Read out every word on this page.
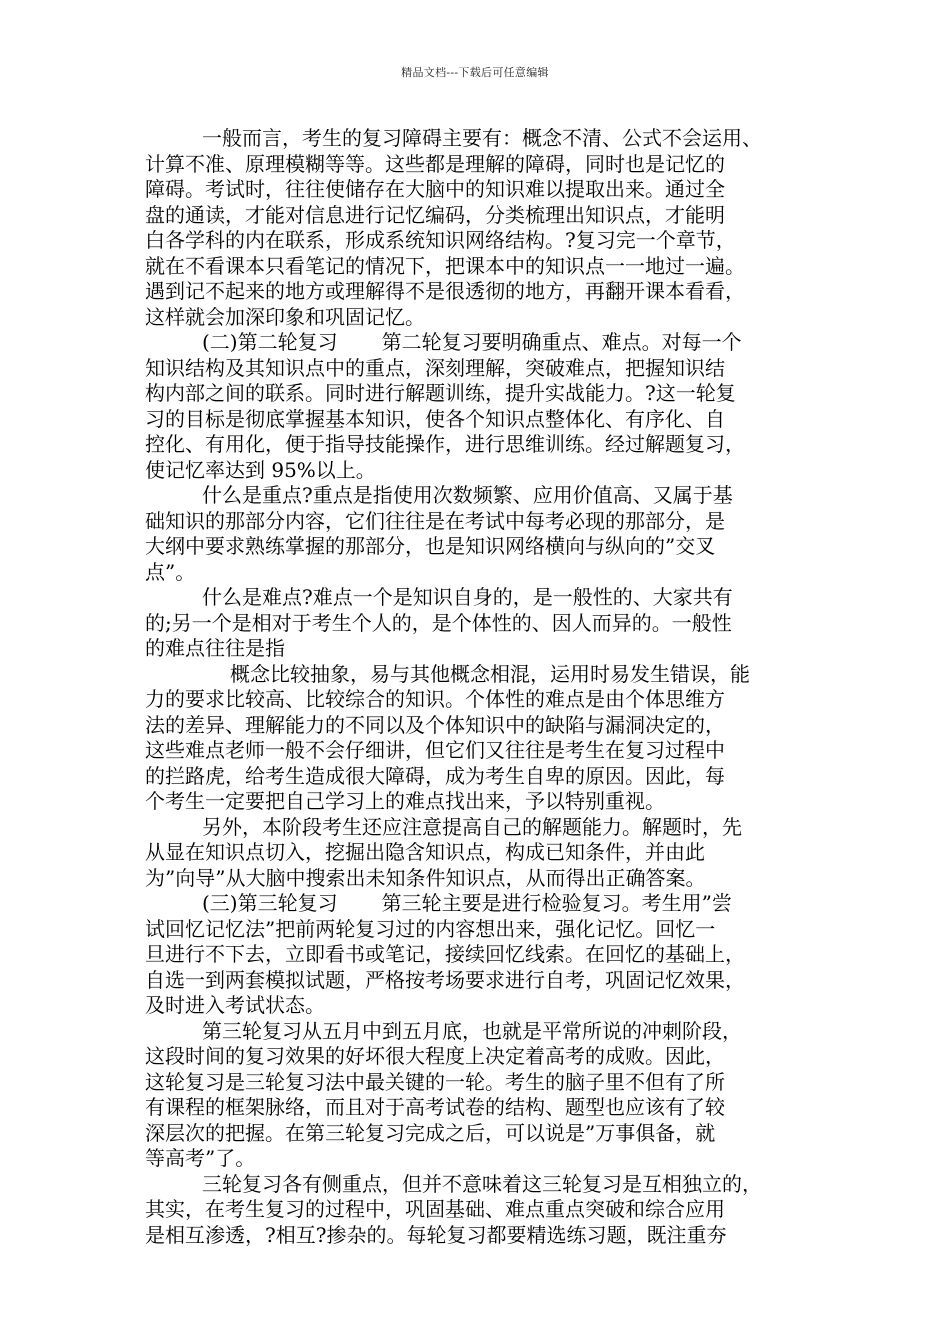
精品文档---下载后可任意编辑
一般而言，考生的复习障碍主要有：概念不清、公式不会运用、
计算不准、原理模糊等等。这些都是理解的障碍，同时也是记忆的
障碍。考试时，往往使储存在大脑中的知识难以提取出来。通过全
盘的通读，才能对信息进行记忆编码，分类梳理出知识点，才能明
白各学科的内在联系，形成系统知识网络结构。?复习完一个章节，
就在不看课本只看笔记的情况下，把课本中的知识点一一地过一遍。
遇到记不起来的地方或理解得不是很透彻的地方，再翻开课本看看，
这样就会加深印象和巩固记忆。
(二)第二轮复习 第二轮复习要明确重点、难点。对每一个
知识结构及其知识点中的重点，深刻理解，突破难点，把握知识结
构内部之间的联系。同时进行解题训练，提升实战能力。?这一轮复
习的目标是彻底掌握基本知识，使各个知识点整体化、有序化、自
控化、有用化，便于指导技能操作，进行思维训练。经过解题复习，
使记忆率达到 95%以上。
什么是重点?重点是指使用次数频繁、应用价值高、又属于基
础知识的那部分内容，它们往往是在考试中每考必现的那部分，是
大纲中要求熟练掌握的那部分，也是知识网络横向与纵向的”交叉
点”。
什么是难点?难点一个是知识自身的，是一般性的、大家共有
的;另一个是相对于考生个人的，是个体性的、因人而异的。一般性
的难点往往是指
概念比较抽象，易与其他概念相混，运用时易发生错误，能
力的要求比较高、比较综合的知识。个体性的难点是由个体思维方
法的差异、理解能力的不同以及个体知识中的缺陷与漏洞决定的，
这些难点老师一般不会仔细讲，但它们又往往是考生在复习过程中
的拦路虎，给考生造成很大障碍，成为考生自卑的原因。因此，每
个考生一定要把自己学习上的难点找出来，予以特别重视。
另外，本阶段考生还应注意提高自己的解题能力。解题时，先
从显在知识点切入，挖掘出隐含知识点，构成已知条件，并由此
为”向导”从大脑中搜索出未知条件知识点，从而得出正确答案。
(三)第三轮复习 第三轮主要是进行检验复习。考生用”尝
试回忆记忆法”把前两轮复习过的内容想出来，强化记忆。回忆一
旦进行不下去，立即看书或笔记，接续回忆线索。在回忆的基础上，
自选一到两套模拟试题，严格按考场要求进行自考，巩固记忆效果，
及时进入考试状态。
第三轮复习从五月中到五月底，也就是平常所说的冲刺阶段，
这段时间的复习效果的好坏很大程度上决定着高考的成败。因此，
这轮复习是三轮复习法中最关键的一轮。考生的脑子里不但有了所
有课程的框架脉络，而且对于高考试卷的结构、题型也应该有了较
深层次的把握。在第三轮复习完成之后，可以说是”万事俱备，就
等高考”了。
三轮复习各有侧重点，但并不意味着这三轮复习是互相独立的，
其实，在考生复习的过程中，巩固基础、难点重点突破和综合应用
是相互渗透，?相互?掺杂的。每轮复习都要精选练习题，既注重夯
